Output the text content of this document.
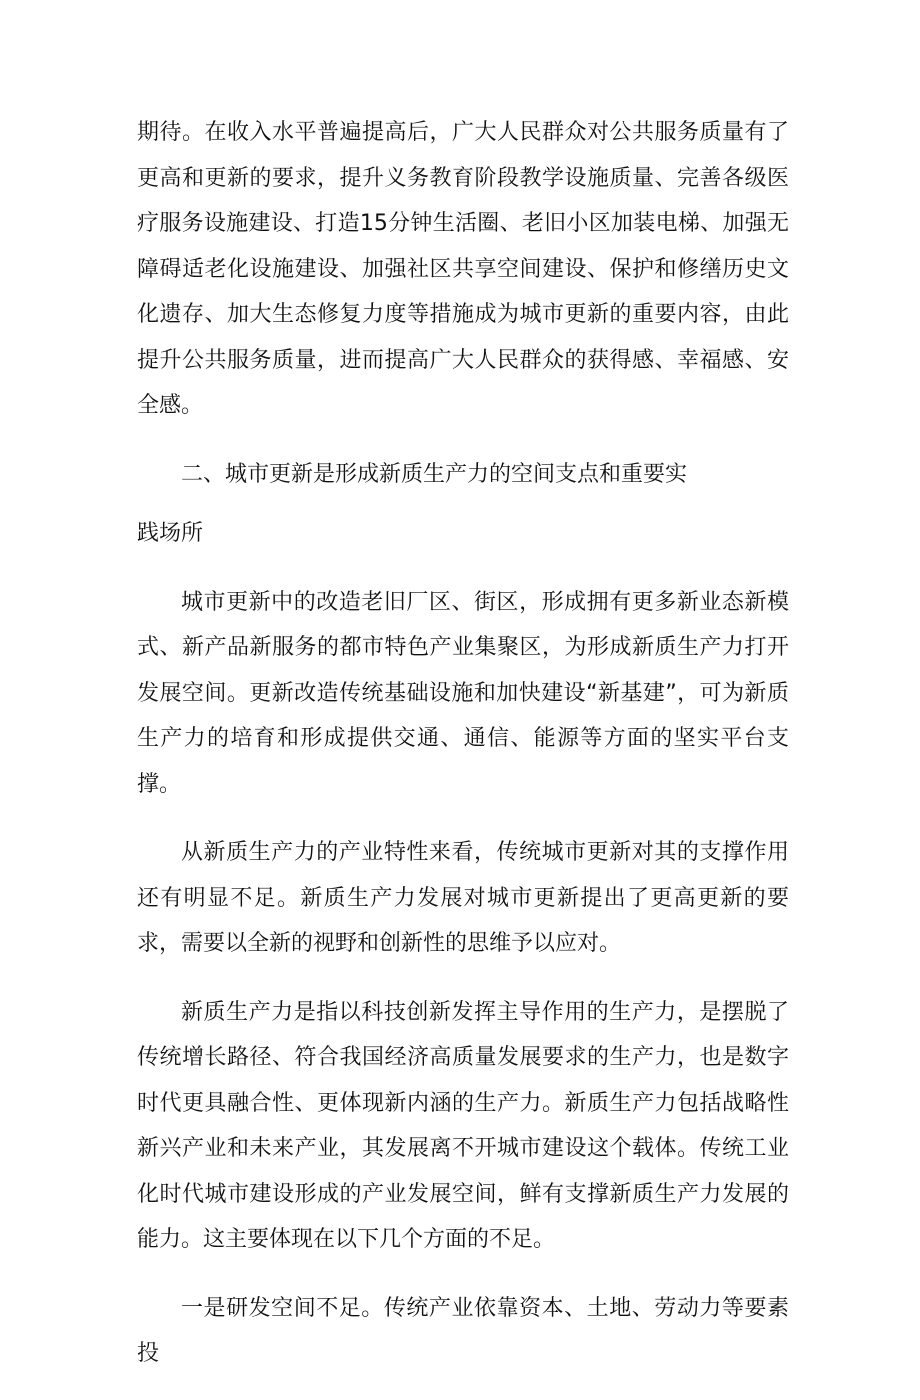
期待。在收入水平普遍提高后，广大人民群众对公共服务质量有了更高和更新的要求，提升义务教育阶段教学设施质量、完善各级医疗服务设施建设、打造15分钟生活圈、老旧小区加装电梯、加强无障碍适老化设施建设、加强社区共享空间建设、保护和修缮历史文化遗存、加大生态修复力度等措施成为城市更新的重要内容，由此提升公共服务质量，进而提高广大人民群众的获得感、幸福感、安全感。

二、城市更新是形成新质生产力的空间支点和重要实

践场所

城市更新中的改造老旧厂区、街区，形成拥有更多新业态新模式、新产品新服务的都市特色产业集聚区，为形成新质生产力打开发展空间。更新改造传统基础设施和加快建设“新基建”，可为新质生产力的培育和形成提供交通、通信、能源等方面的坚实平台支撑。

从新质生产力的产业特性来看，传统城市更新对其的支撑作用还有明显不足。新质生产力发展对城市更新提出了更高更新的要求，需要以全新的视野和创新性的思维予以应对。

新质生产力是指以科技创新发挥主导作用的生产力，是摆脱了传统增长路径、符合我国经济高质量发展要求的生产力，也是数字时代更具融合性、更体现新内涵的生产力。新质生产力包括战略性新兴产业和未来产业，其发展离不开城市建设这个载体。传统工业化时代城市建设形成的产业发展空间，鲜有支撑新质生产力发展的能力。这主要体现在以下几个方面的不足。

一是研发空间不足。传统产业依靠资本、土地、劳动力等要素投
